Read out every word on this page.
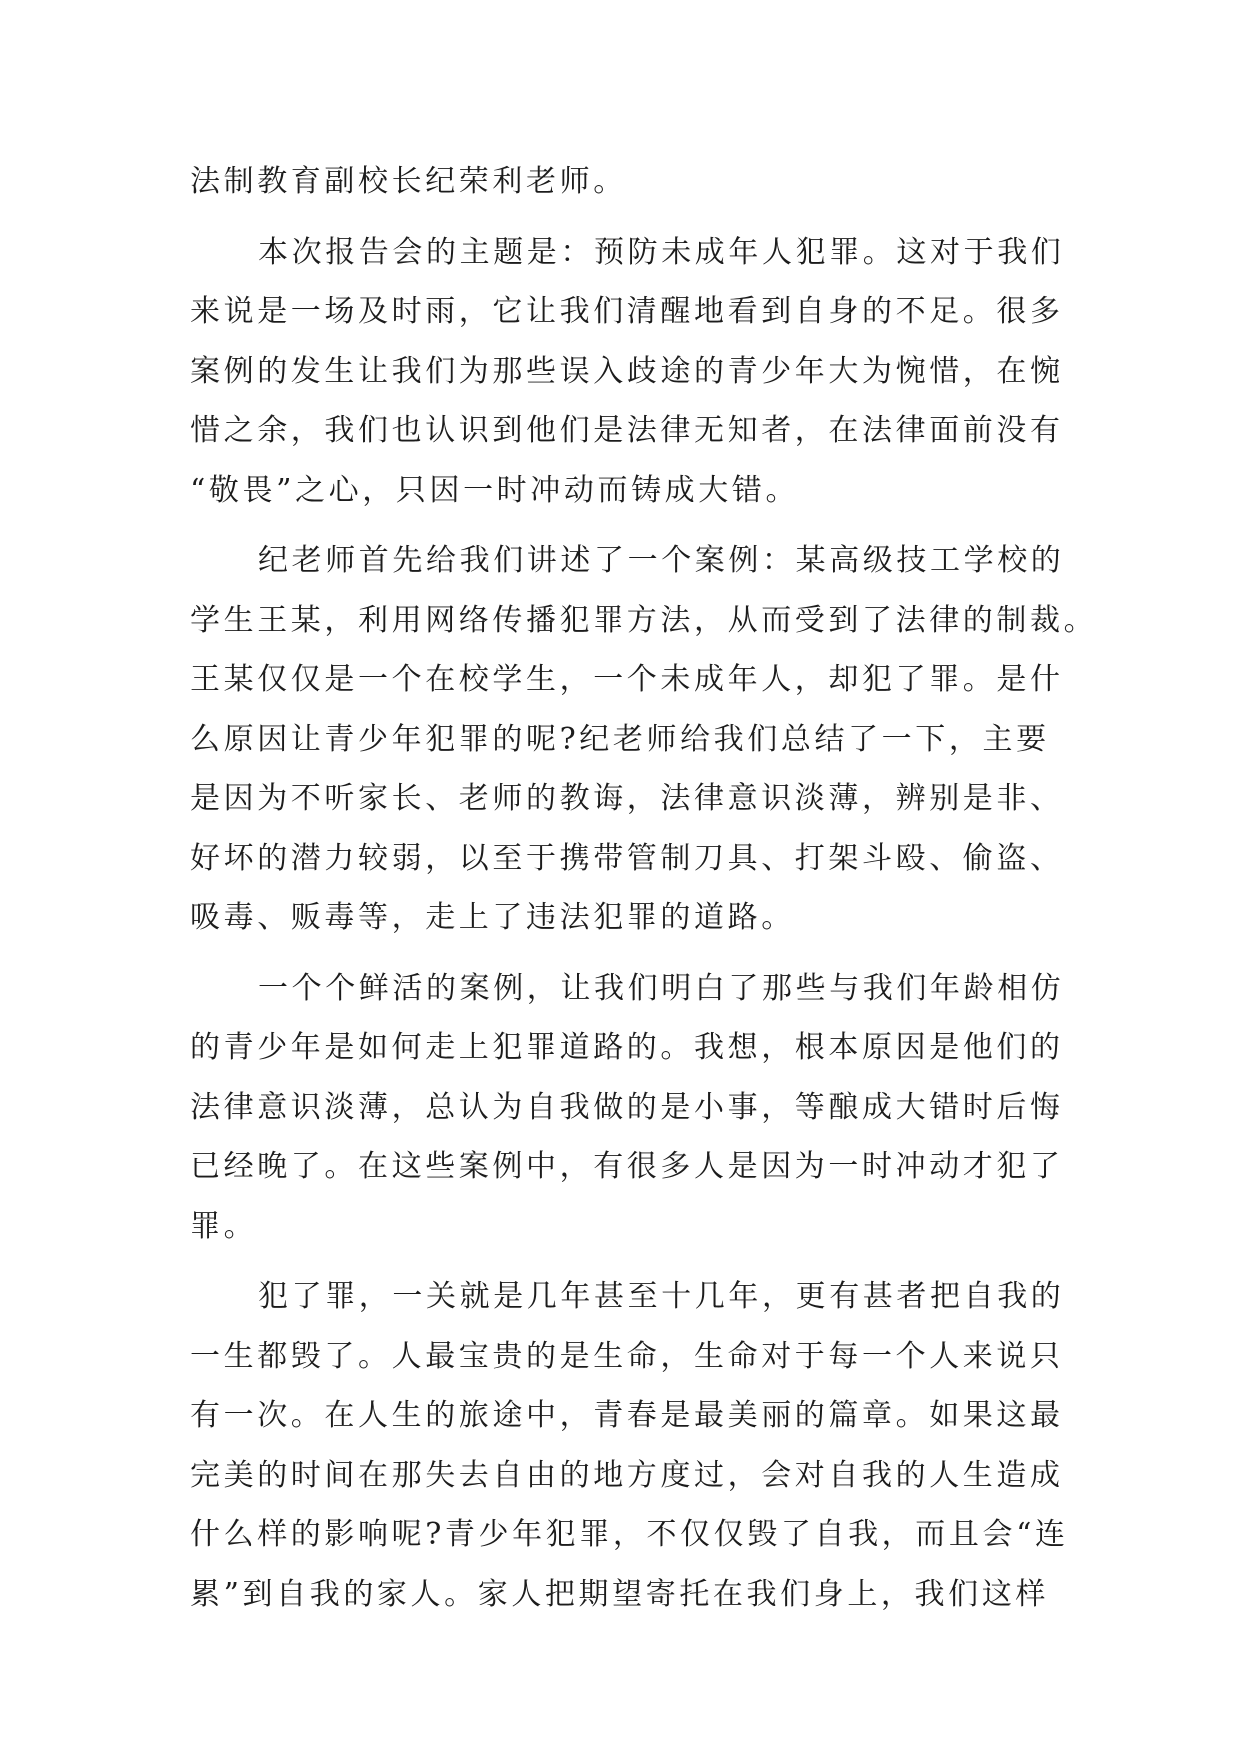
法制教育副校长纪荣利老师。
本次报告会的主题是：预防未成年人犯罪。这对于我们
来说是一场及时雨，它让我们清醒地看到自身的不足。很多
案例的发生让我们为那些误入歧途的青少年大为惋惜，在惋
惜之余，我们也认识到他们是法律无知者，在法律面前没有
“敬畏”之心，只因一时冲动而铸成大错。
纪老师首先给我们讲述了一个案例：某高级技工学校的
学生王某，利用网络传播犯罪方法，从而受到了法律的制裁。
王某仅仅是一个在校学生，一个未成年人，却犯了罪。是什
么原因让青少年犯罪的呢?纪老师给我们总结了一下，主要
是因为不听家长、老师的教诲，法律意识淡薄，辨别是非、
好坏的潜力较弱，以至于携带管制刀具、打架斗殴、偷盗、
吸毒、贩毒等，走上了违法犯罪的道路。
一个个鲜活的案例，让我们明白了那些与我们年龄相仿
的青少年是如何走上犯罪道路的。我想，根本原因是他们的
法律意识淡薄，总认为自我做的是小事，等酿成大错时后悔
已经晚了。在这些案例中，有很多人是因为一时冲动才犯了
罪。
犯了罪，一关就是几年甚至十几年，更有甚者把自我的
一生都毁了。人最宝贵的是生命，生命对于每一个人来说只
有一次。在人生的旅途中，青春是最美丽的篇章。如果这最
完美的时间在那失去自由的地方度过，会对自我的人生造成
什么样的影响呢?青少年犯罪，不仅仅毁了自我，而且会“连
累”到自我的家人。家人把期望寄托在我们身上，我们这样
